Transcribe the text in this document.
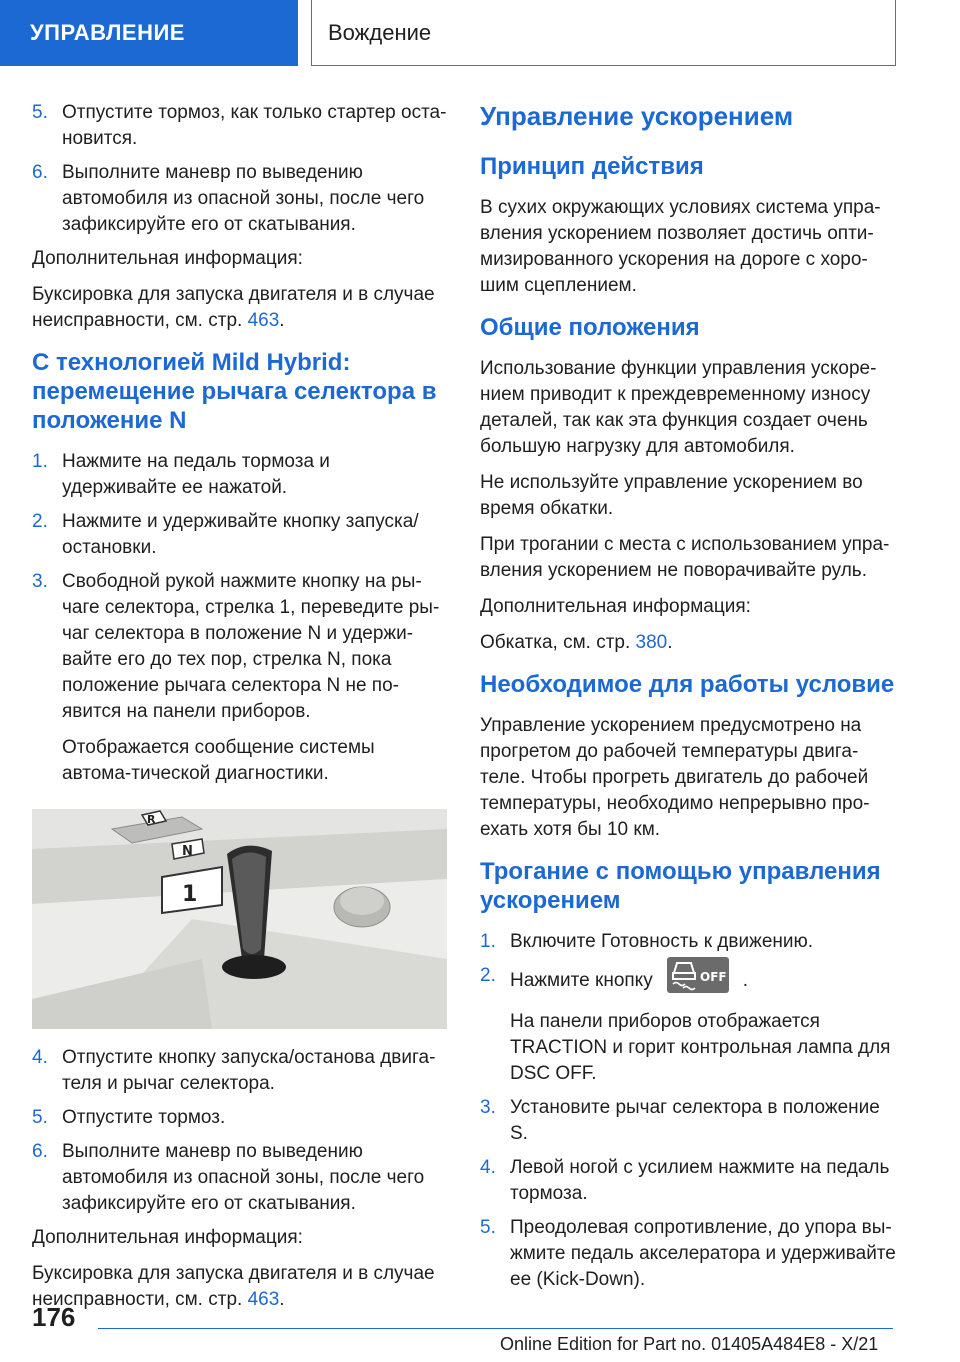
УПРАВЛЕНИЕ	Вождение
5. Отпустите тормоз, как только стартер оста-новится.
6. Выполните маневр по выведению автомобиля из опасной зоны, после чего зафиксируйте его от скатывания.

Дополнительная информация:

Буксировка для запуска двигателя и в случае неисправности, см. стр. 463.

С технологией Mild Hybrid: перемещение рычага селектора в положение N
1. Нажмите на педаль тормоза и удерживайте ее нажатой.
2. Нажмите и удерживайте кнопку запуска/остановки.
3. Свободной рукой нажмите кнопку на ры-чаге селектора, стрелка 1, переведите ры-чаг селектора в положение N и удержи-вайте его до тех пор, стрелка N, пока положение рычага селектора N не по-явится на панели приборов.

Отображается сообщение системы автома-тической диагностики.

R
N
1
4. Отпустите кнопку запуска/остановa двига-теля и рычаг селектора.
5. Отпустите тормоз.
6. Выполните маневр по выведению автомобиля из опасной зоны, после чего зафиксируйте его от скатывания.

Дополнительная информация:

Буксировка для запуска двигателя и в случае неисправности, см. стр. 463.

Управление ускорением
Принцип действия

В сухих окружающих условиях система упра-вления ускорением позволяет достичь опти-мизированного ускорения на дороге с хоро-шим сцеплением.

Общие положения

Использование функции управления ускоре-нием приводит к преждевременному износу деталей, так как эта функция создает очень большую нагрузку для автомобиля.

Не используйте управление ускорением во время обкатки.

При трогании с места с использованием упра-вления ускорением не поворачивайте руль.

Дополнительная информация:

Обкатка, см. стр. 380.

Необходимое для работы условие

Управление ускорением предусмотрено на прогретом до рабочей температуры двига-теле. Чтобы прогреть двигатель до рабочей температуры, необходимо непрерывно про-ехать хотя бы 10 км.

Трогание с помощью управления ускорением
1. Включите Готовность к движению.
2. Нажмите кнопку	OFF .

На панели приборов отображается TRACTION и горит контрольная лампа для DSC OFF.

3. Установите рычаг селектора в положение S.
4. Левой ногой с усилием нажмите на педаль тормоза.
5. Преодолевая сопротивление, до упора вы-жмите педаль акселератора и удерживайте ее (Kick-Down).
176
Online Edition for Part no. 01405A484E8 - X/21
